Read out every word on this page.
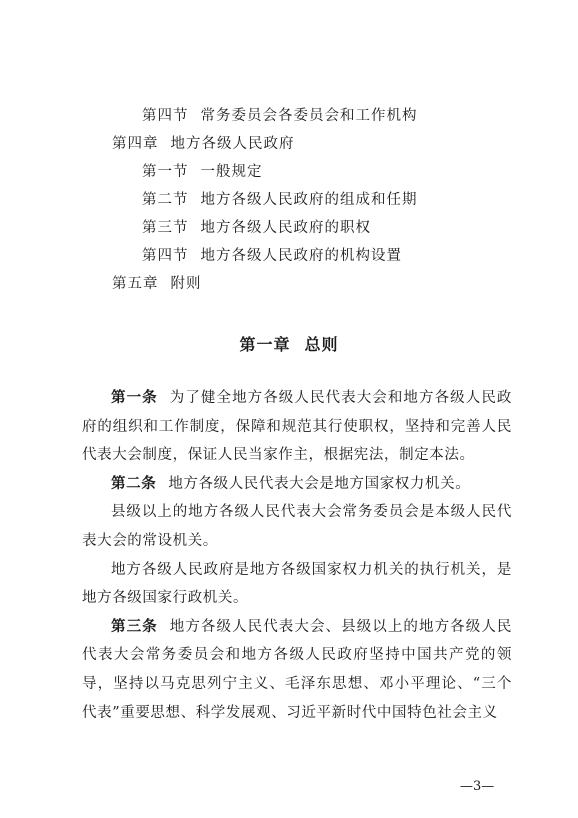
第四节 常务委员会各委员会和工作机构
第四章 地方各级人民政府
第一节 一般规定
第二节 地方各级人民政府的组成和任期
第三节 地方各级人民政府的职权
第四节 地方各级人民政府的机构设置
第五章 附则
第一章 总则

第一条 为了健全地方各级人民代表大会和地方各级人民政府的组织和工作制度，保障和规范其行使职权，坚持和完善人民代表大会制度，保证人民当家作主，根据宪法，制定本法。

第二条 地方各级人民代表大会是地方国家权力机关。

县级以上的地方各级人民代表大会常务委员会是本级人民代表大会的常设机关。

地方各级人民政府是地方各级国家权力机关的执行机关，是地方各级国家行政机关。

第三条 地方各级人民代表大会、县级以上的地方各级人民代表大会常务委员会和地方各级人民政府坚持中国共产党的领导，坚持以马克思列宁主义、毛泽东思想、邓小平理论、“三个代表”重要思想、科学发展观、习近平新时代中国特色社会主义

—3—
